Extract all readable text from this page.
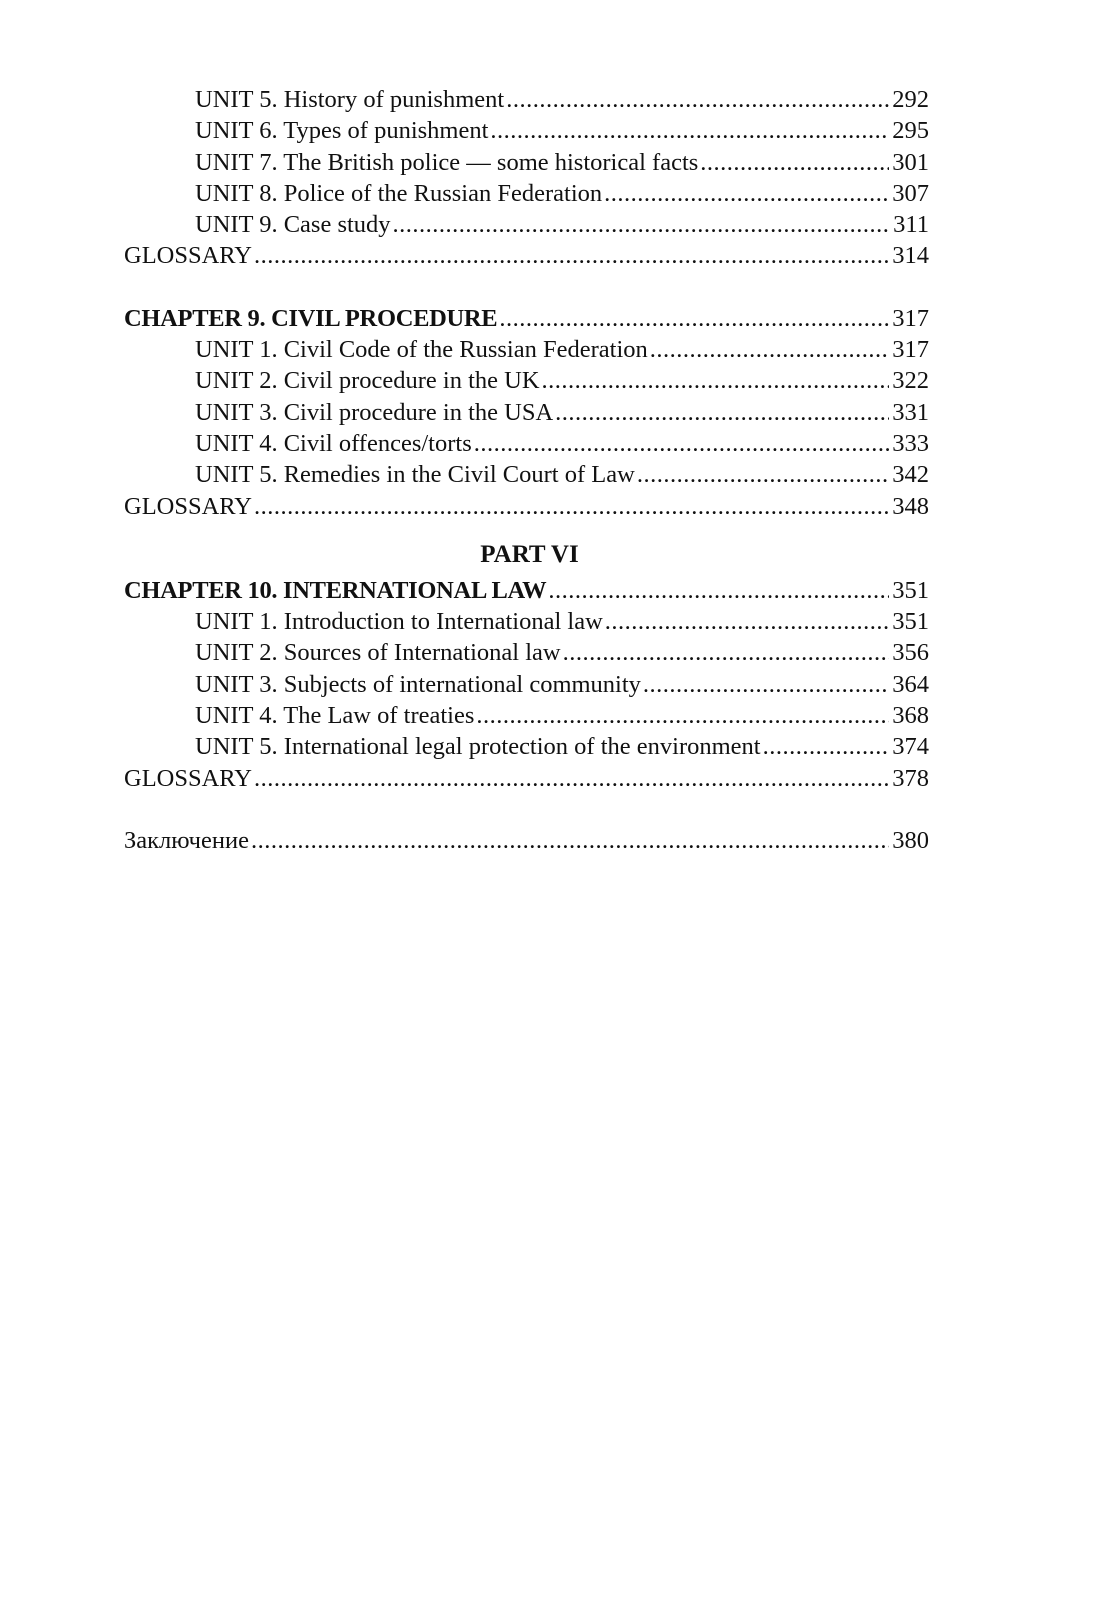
UNIT 5. History of punishment .....	292
UNIT 6. Types of punishment .....	295
UNIT 7. The British police — some historical facts .....	301
UNIT 8. Police of the Russian Federation .....	307
UNIT 9. Case study .....	311
GLOSSARY .....	314
CHAPTER 9. CIVIL PROCEDURE .....	317
UNIT 1. Civil Code of the Russian Federation .....	317
UNIT 2. Civil procedure in the UK .....	322
UNIT 3. Civil procedure in the USA .....	331
UNIT 4. Civil offences/torts .....	333
UNIT 5. Remedies in the Civil Court of Law .....	342
GLOSSARY .....	348
PART VI
CHAPTER 10. INTERNATIONAL LAW .....	351
UNIT 1. Introduction to International law .....	351
UNIT 2. Sources of International law .....	356
UNIT 3. Subjects of international community .....	364
UNIT 4. The Law of treaties .....	368
UNIT 5. International legal protection of the environment .....	374
GLOSSARY .....	378
Заключение .....	380
